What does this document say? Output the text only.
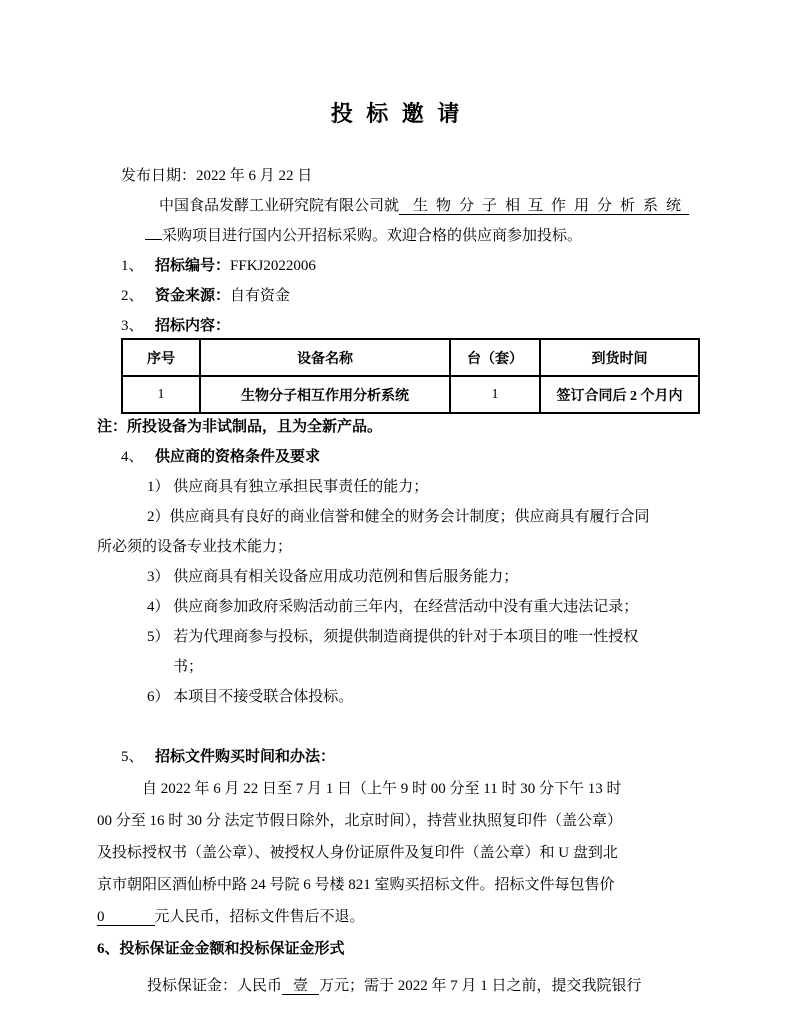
投 标 邀 请
发布日期：2022 年 6 月 22 日
中国食品发酵工业研究院有限公司就 生物分子相互作用分析系统
采购项目进行国内公开招标采购。欢迎合格的供应商参加投标。
1、 招标编号：FFKJ2022006
2、 资金来源：自有资金
3、 招标内容：
序号	设备名称	台（套）	到货时间
1	生物分子相互作用分析系统	1	签订合同后 2 个月内
注：所投设备为非试制品，且为全新产品。
4、 供应商的资格条件及要求
1） 供应商具有独立承担民事责任的能力；
2）供应商具有良好的商业信誉和健全的财务会计制度；供应商具有履行合同
所必须的设备专业技术能力；
3） 供应商具有相关设备应用成功范例和售后服务能力；
4） 供应商参加政府采购活动前三年内，在经营活动中没有重大违法记录；
5） 若为代理商参与投标，须提供制造商提供的针对于本项目的唯一性授权
书；
6） 本项目不接受联合体投标。
5、 招标文件购买时间和办法：
自 2022 年 6 月 22 日至 7 月 1 日（上午 9 时 00 分至 11 时 30 分下午 13 时
00 分至 16 时 30 分 法定节假日除外，北京时间），持营业执照复印件（盖公章）
及投标授权书（盖公章）、被授权人身份证原件及复印件（盖公章）和 U 盘到北
京市朝阳区酒仙桥中路 24 号院 6 号楼 821 室购买招标文件。招标文件每包售价
0	元人民币，招标文件售后不退。
6、投标保证金金额和投标保证金形式
投标保证金：人民币 壹 万元；需于 2022 年 7 月 1 日之前，提交我院银行
